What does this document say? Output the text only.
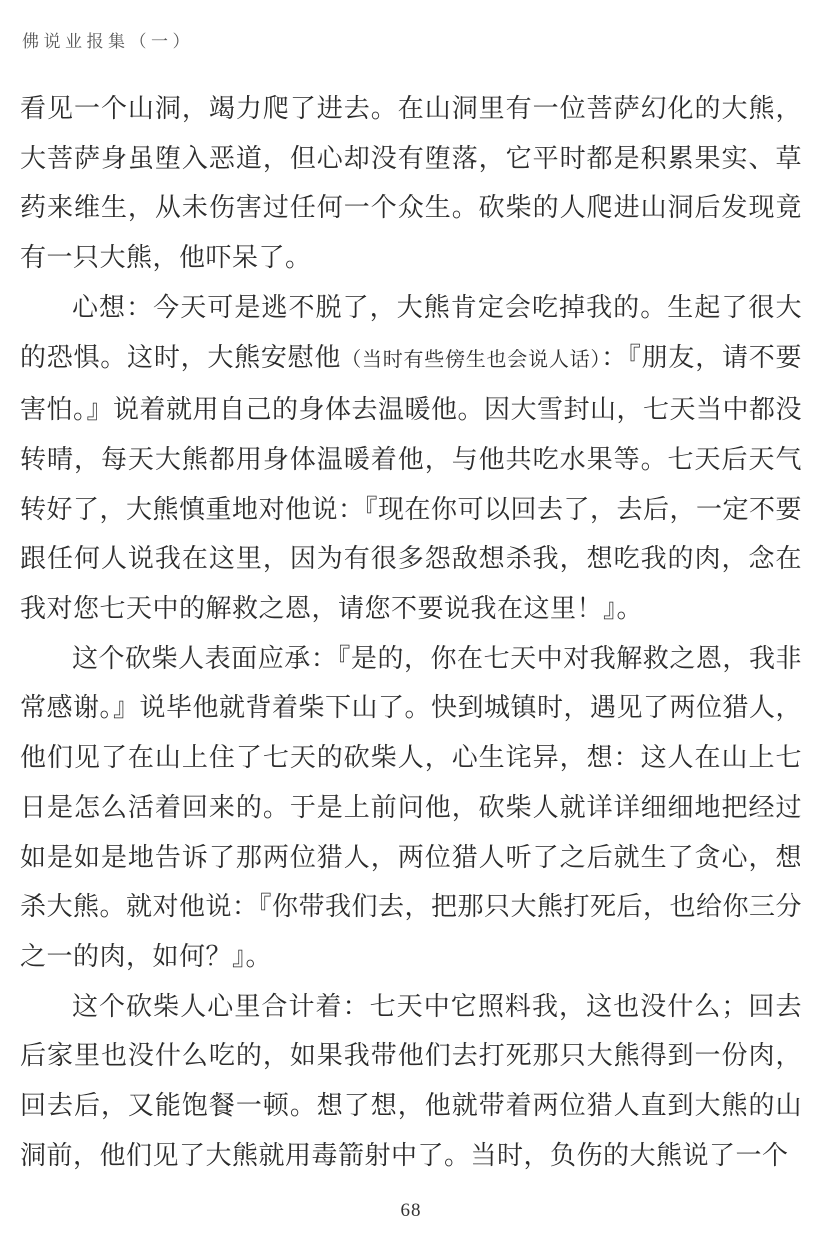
佛说业报集（一）

看见一个山洞，竭力爬了进去。在山洞里有一位菩萨幻化的大熊，大菩萨身虽堕入恶道，但心却没有堕落，它平时都是积累果实、草药来维生，从未伤害过任何一个众生。砍柴的人爬进山洞后发现竟有一只大熊，他吓呆了。

心想：今天可是逃不脱了，大熊肯定会吃掉我的。生起了很大的恐惧。这时，大熊安慰他（当时有些傍生也会说人话）：『朋友，请不要害怕。』说着就用自己的身体去温暖他。因大雪封山，七天当中都没转晴，每天大熊都用身体温暖着他，与他共吃水果等。七天后天气转好了，大熊慎重地对他说：『现在你可以回去了，去后，一定不要跟任何人说我在这里，因为有很多怨敌想杀我，想吃我的肉，念在我对您七天中的解救之恩，请您不要说我在这里！』。

这个砍柴人表面应承：『是的，你在七天中对我解救之恩，我非常感谢。』说毕他就背着柴下山了。快到城镇时，遇见了两位猎人，他们见了在山上住了七天的砍柴人，心生诧异，想：这人在山上七日是怎么活着回来的。于是上前问他，砍柴人就详详细细地把经过如是如是地告诉了那两位猎人，两位猎人听了之后就生了贪心，想杀大熊。就对他说：『你带我们去，把那只大熊打死后，也给你三分之一的肉，如何？』。

这个砍柴人心里合计着：七天中它照料我，这也没什么；回去后家里也没什么吃的，如果我带他们去打死那只大熊得到一份肉，回去后，又能饱餐一顿。想了想，他就带着两位猎人直到大熊的山洞前，他们见了大熊就用毒箭射中了。当时，负伤的大熊说了一个

68
